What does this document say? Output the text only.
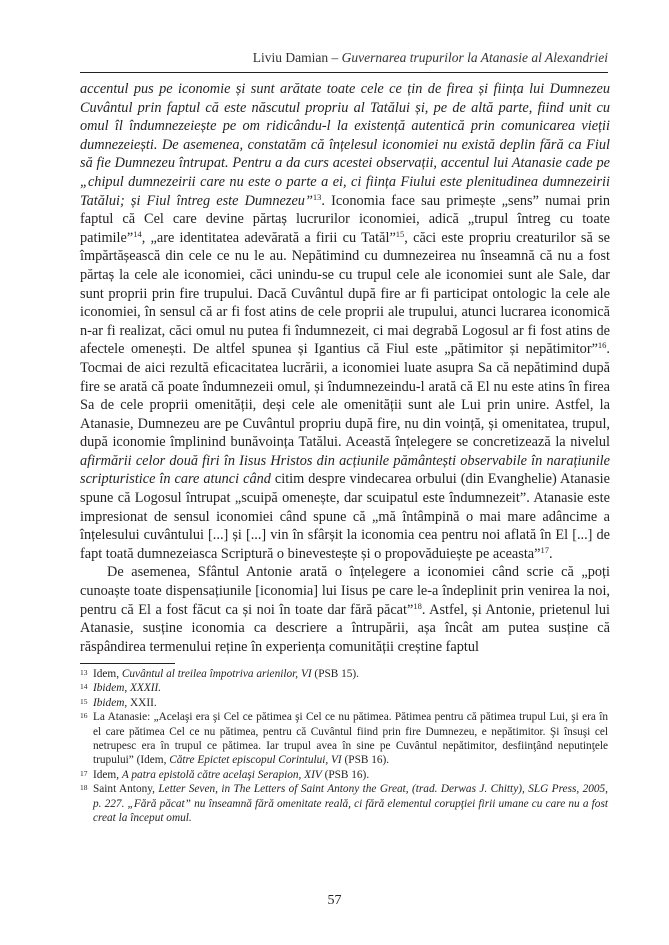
Liviu Damian – Guvernarea trupurilor la Atanasie al Alexandriei

accentul pus pe iconomie și sunt arătate toate cele ce țin de firea și ființa lui Dumnezeu Cuvântul prin faptul că este născutul propriu al Tatălui și, pe de altă parte, fiind unit cu omul îl îndumnezeiește pe om ridicându-l la existență autentică prin comunicarea vieții dumnezeiești. De asemenea, constatăm că înțelesul iconomiei nu există deplin fără ca Fiul să fie Dumnezeu întrupat. Pentru a da curs acestei observații, accentul lui Atanasie cade pe „chipul dumnezeirii care nu este o parte a ei, ci ființa Fiului este plenitudinea dumnezeirii Tatălui; și Fiul întreg este Dumnezeu”$^{13}$. Iconomia face sau primește „sens” numai prin faptul că Cel care devine părtaș lucrurilor iconomiei, adică „trupul întreg cu toate patimile”$^{14}$, „are identitatea adevărată a firii cu Tatăl”$^{15}$, căci este propriu creaturilor să se împărtășească din cele ce nu le au. Nepătimind cu dumnezeirea nu înseamnă că nu a fost părtaș la cele ale iconomiei, căci unindu-se cu trupul cele ale iconomiei sunt ale Sale, dar sunt proprii prin fire trupului. Dacă Cuvântul după fire ar fi participat ontologic la cele ale iconomiei, în sensul că ar fi fost atins de cele proprii ale trupului, atunci lucrarea iconomică n-ar fi realizat, căci omul nu putea fi îndumnezeit, ci mai degrabă Logosul ar fi fost atins de afectele omenești. De altfel spunea și Igantius că Fiul este „pătimitor și nepătimitor”$^{16}$. Tocmai de aici rezultă eficacitatea lucrării, a iconomiei luate asupra Sa că nepătimind după fire se arată că poate îndumnezeii omul, și îndumnezeindu-l arată că El nu este atins în firea Sa de cele proprii omenității, deși cele ale omenității sunt ale Lui prin unire. Astfel, la Atanasie, Dumnezeu are pe Cuvântul propriu după fire, nu din voință, și omenitatea, trupul, după iconomie împlinind bunăvoința Tatălui. Această înțelegere se concretizează la nivelul afirmării celor două firi în Iisus Hristos din acțiunile pământești observabile în narațiunile scripturistice în care atunci când citim despre vindecarea orbului (din Evanghelie) Atanasie spune că Logosul întrupat „scuipă omenește, dar scuipatul este îndumnezeit”. Atanasie este impresionat de sensul iconomiei când spune că „mă întâmpină o mai mare adâncime a înțelesului cuvântului [...] și [...] vin în sfârșit la iconomia cea pentru noi aflată în El [...] de fapt toată dumnezeiasca Scriptură o binevestește și o propovăduiește pe aceasta”$^{17}$.

De asemenea, Sfântul Antonie arată o înțelegere a iconomiei când scrie că „poți cunoaște toate dispensațiunile [iconomia] lui Iisus pe care le-a îndeplinit prin venirea la noi, pentru că El a fost făcut ca și noi în toate dar fără păcat”$^{18}$. Astfel, și Antonie, prietenul lui Atanasie, susține iconomia ca descriere a întrupării, așa încât am putea susține că răspândirea termenului reține în experiența comunității creștine faptul

13 Idem, Cuvântul al treilea împotriva arienilor, VI (PSB 15).
14 Ibidem, XXXII.
15 Ibidem, XXII.
16 La Atanasie: „Acelaşi era şi Cel ce pătimea şi Cel ce nu pătimea. Pătimea pentru că pătimea trupul Lui, şi era în el care pătimea Cel ce nu pătimea, pentru că Cuvântul fiind prin fire Dumnezeu, e nepătimitor. Şi însuşi cel netrupesc era în trupul ce pătimea. Iar trupul avea în sine pe Cuvântul nepătimitor, desfiinţând neputinţele trupului” (Idem, Către Epictet episcopul Corintului, VI (PSB 16).
17 Idem, A patra epistolă către acelaşi Serapion, XIV (PSB 16).
18 Saint Antony, Letter Seven, in The Letters of Saint Antony the Great, (trad. Derwas J. Chitty), SLG Press, 2005, p. 227. „Fără păcat” nu înseamnă fără omenitate reală, ci fără elementul corupţiei firii umane cu care nu a fost creat la început omul.
57
